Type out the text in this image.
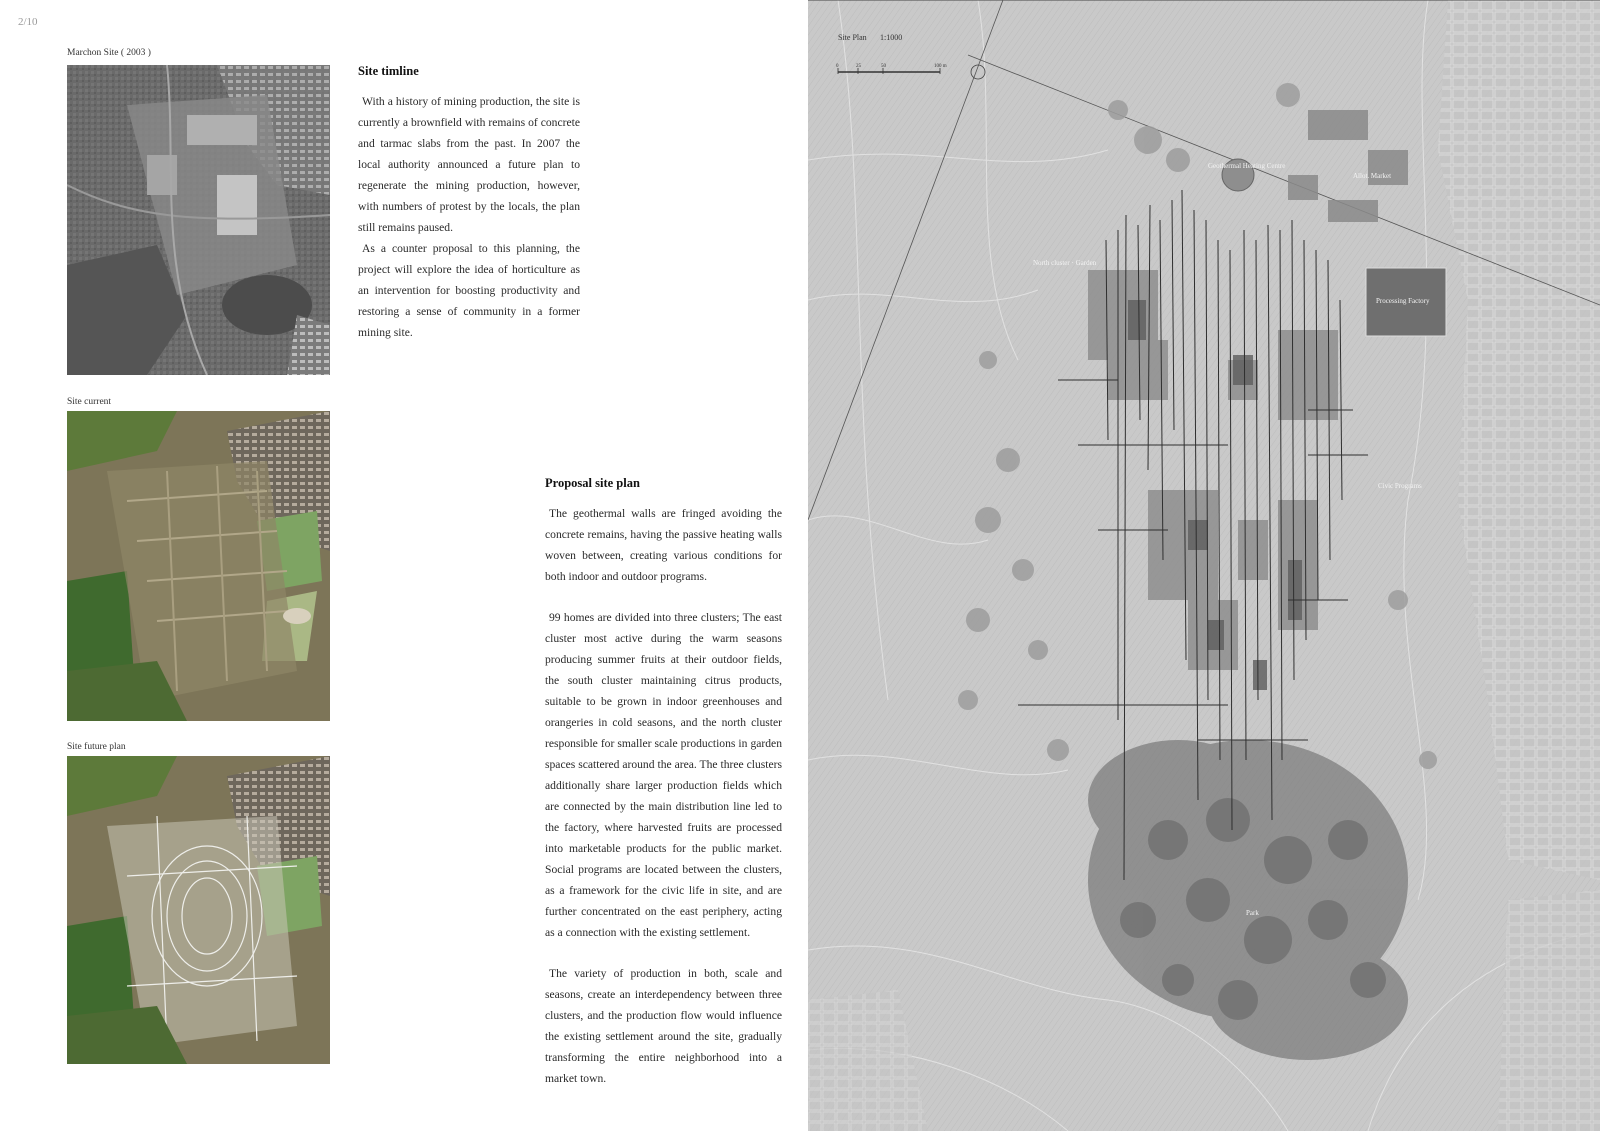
2/10
Marchon Site ( 2003 )
Site current
Site future plan
Site timline

With a history of mining production, the site is currently a brownfield with remains of concrete and tarmac slabs from the past. In 2007 the local authority announced a future plan to regenerate the mining production, however, with numbers of protest by the locals, the plan still remains paused.

As a counter proposal to this planning, the project will explore the idea of horticulture as an intervention for boosting productivity and restoring a sense of community in a former mining site.

Proposal site plan

The geothermal walls are fringed avoiding the concrete remains, having the passive heating walls woven between, creating various conditions for both indoor and outdoor programs.

99 homes are divided into three clusters; The east cluster most active during the warm seasons producing summer fruits at their outdoor fields, the south cluster maintaining citrus products, suitable to be grown in indoor greenhouses and orangeries in cold seasons, and the north cluster responsible for smaller scale productions in garden spaces scattered around the area. The three clusters additionally share larger production fields which are connected by the main distribution line led to the factory, where harvested fruits are processed into marketable products for the public market. Social programs are located between the clusters, as a framework for the civic life in site, and are further concentrated on the east periphery, acting as a connection with the existing settlement.

The variety of production in both, scale and seasons, create an interdependency between three clusters, and the production flow would influence the existing settlement around the site, gradually transforming the entire neighborhood into a market town.

Site Plan 1:1000
0	25	50	100 m
Geothermal Heating Centre
Allot. Market
North cluster · Garden
Processing Factory
Civic Programs
Park
